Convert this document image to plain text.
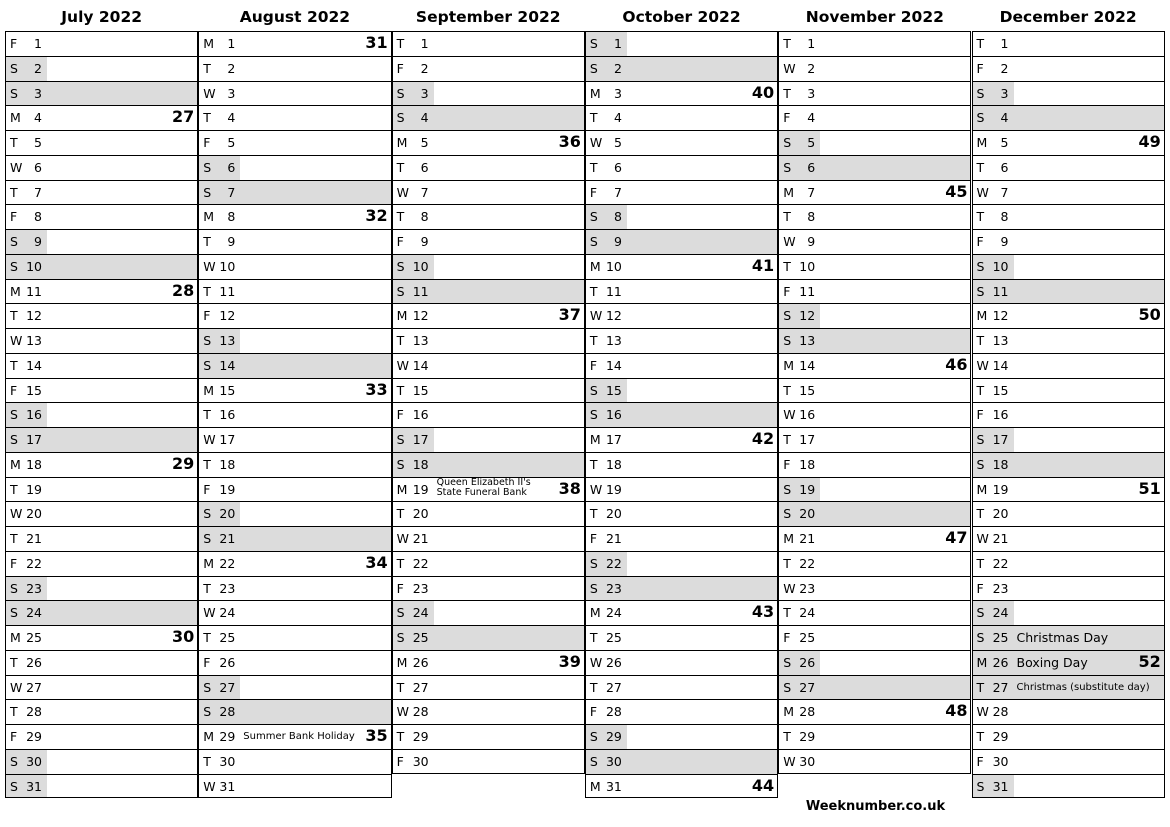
July 2022
F	1
S	2
S	3
M	4	27
T	5
W 6
T	7
F	8
S	9
S 10
M 11	28
T 12
W 13
T 14
F 15
S 16
S 17
M 18	29
T 19
W 20
T 21
F 22
S 23
S 24
M 25	30
T 26
W 27
T 28
F 29
S 30
S 31
August 2022
M	1	31
T	2
W 3
T	4
F	5
S	6
S	7
M	8	32
T	9
W 10
T 11
F 12
S 13
S 14
M 15	33
T 16
W 17
T 18
F 19
S 20
S 21
M 22	34
T 23
W 24
T 25
F 26
S 27
S 28
M 29 Summer Bank Holiday 35
T 30
W 31
September 2022
T	1
F	2
S	3
S	4
M	5	36
T	6
W 7
T	8
F	9
S 10
S 11
M 12	37
T 13
W 14
T 15
F 16
S 17
S 18
M 19 Queen Elizabeth II's State Funeral Bank	38
T 20
W 21
T 22
F 23
S 24
S 25
M 26	39
T 27
W 28
T 29
F 30
October 2022
S	1
S	2
M	3	40
T	4
W 5
T	6
F	7
S	8
S	9
M 10	41
T 11
W 12
T 13
F 14
S 15
S 16
M 17	42
T 18
W 19
T 20
F 21
S 22
S 23
M 24	43
T 25
W 26
T 27
F 28
S 29
S 30
M 31	44
November 2022
T	1
W 2
T	3
F	4
S	5
S	6
M	7	45
T	8
W 9
T 10
F 11
S 12
S 13
M 14	46
T 15
W 16
T 17
F 18
S 19
S 20
M 21	47
T 22
W 23
T 24
F 25
S 26
S 27
M 28	48
T 29
W 30
December 2022
T	1
F	2
S	3
S	4
M	5	49
T	6
W 7
T	8
F	9
S 10
S 11
M 12	50
T 13
W 14
T 15
F 16
S 17
S 18
M 19	51
T 20
W 21
T 22
F 23
S 24
S 25 Christmas Day
M 26 Boxing Day	52
T 27 Christmas (substitute day)
W 28
T 29
F 30
S 31
Weeknumber.co.uk
